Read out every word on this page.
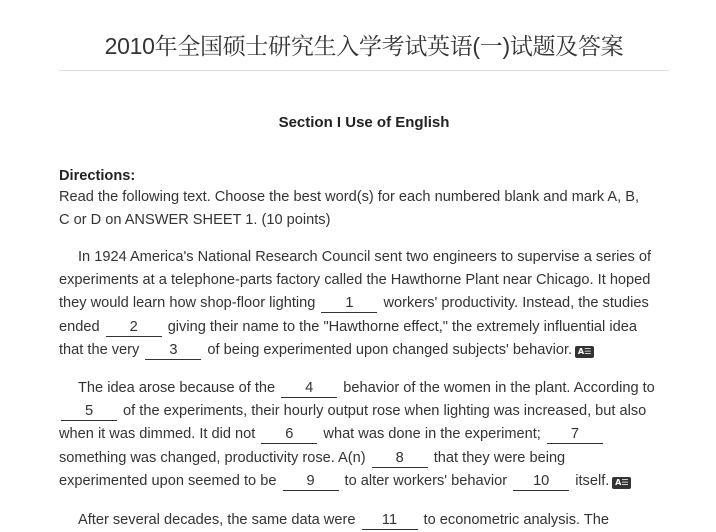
2010年全国硕士研究生入学考试英语(一)试题及答案
Section I Use of English
Directions:
Read the following text. Choose the best word(s) for each numbered blank and mark A, B,
C or D on ANSWER SHEET 1. (10 points)

In 1924 America's National Research Council sent two engineers to supervise a series of
experiments at a telephone-parts factory called the Hawthorne Plant near Chicago. It hoped
they would learn how shop-floor lighting 1 workers' productivity. Instead, the studies
ended 2 giving their name to the "Hawthorne effect," the extremely influential idea
that the very 3 of being experimented upon changed subjects' behavior. A☰

The idea arose because of the 4 behavior of the women in the plant. According to
5 of the experiments, their hourly output rose when lighting was increased, but also
when it was dimmed. It did not 6 what was done in the experiment; 7
something was changed, productivity rose. A(n) 8 that they were being
experimented upon seemed to be 9 to alter workers' behavior 10 itself. A☰

After several decades, the same data were 11 to econometric analysis. The
